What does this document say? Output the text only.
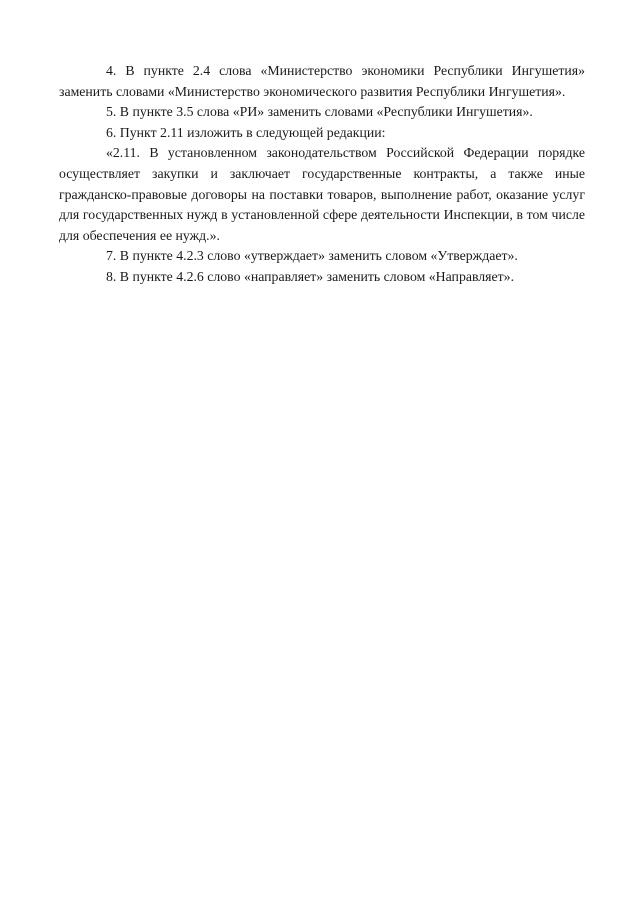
4. В пункте 2.4 слова «Министерство экономики Республики Ингушетия» заменить словами «Министерство экономического развития Республики Ингушетия».

5. В пункте 3.5 слова «РИ» заменить словами «Республики Ингушетия».

6. Пункт 2.11 изложить в следующей редакции:

«2.11. В установленном законодательством Российской Федерации порядке осуществляет закупки и заключает государственные контракты, а также иные гражданско-правовые договоры на поставки товаров, выполнение работ, оказание услуг для государственных нужд в установленной сфере деятельности Инспекции, в том числе для обеспечения ее нужд.».

7. В пункте 4.2.3 слово «утверждает» заменить словом «Утверждает».

8. В пункте 4.2.6 слово «направляет» заменить словом «Направляет».
